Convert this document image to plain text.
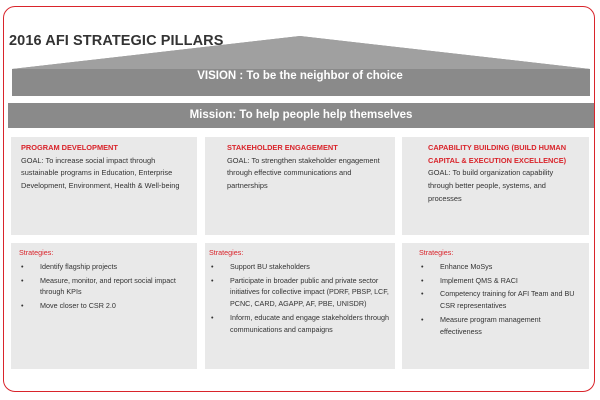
2016 AFI STRATEGIC PILLARS
VISION : To be the neighbor of choice
Mission: To help people help themselves
PROGRAM DEVELOPMENT
GOAL: To increase social impact through sustainable programs in Education, Enterprise Development, Environment, Health & Well-being
STAKEHOLDER ENGAGEMENT
GOAL: To strengthen stakeholder engagement through effective communications and partnerships
CAPABILITY BUILDING (BUILD HUMAN CAPITAL & EXECUTION EXCELLENCE)
GOAL: To build organization capability through better people, systems, and processes
Strategies:
• Identify flagship projects
• Measure, monitor, and report social impact through KPIs
• Move closer to CSR 2.0
Strategies:
• Support BU stakeholders
• Participate in broader public and private sector initiatives for collective impact (PDRF, PBSP, LCF, PCNC, CARD, AGAPP, AF, PBE, UNISDR)
• Inform, educate and engage stakeholders through communications and campaigns
Strategies:
• Enhance MoSys
• Implement QMS & RACI
• Competency training for AFI Team and BU CSR representatives
• Measure program management effectiveness
